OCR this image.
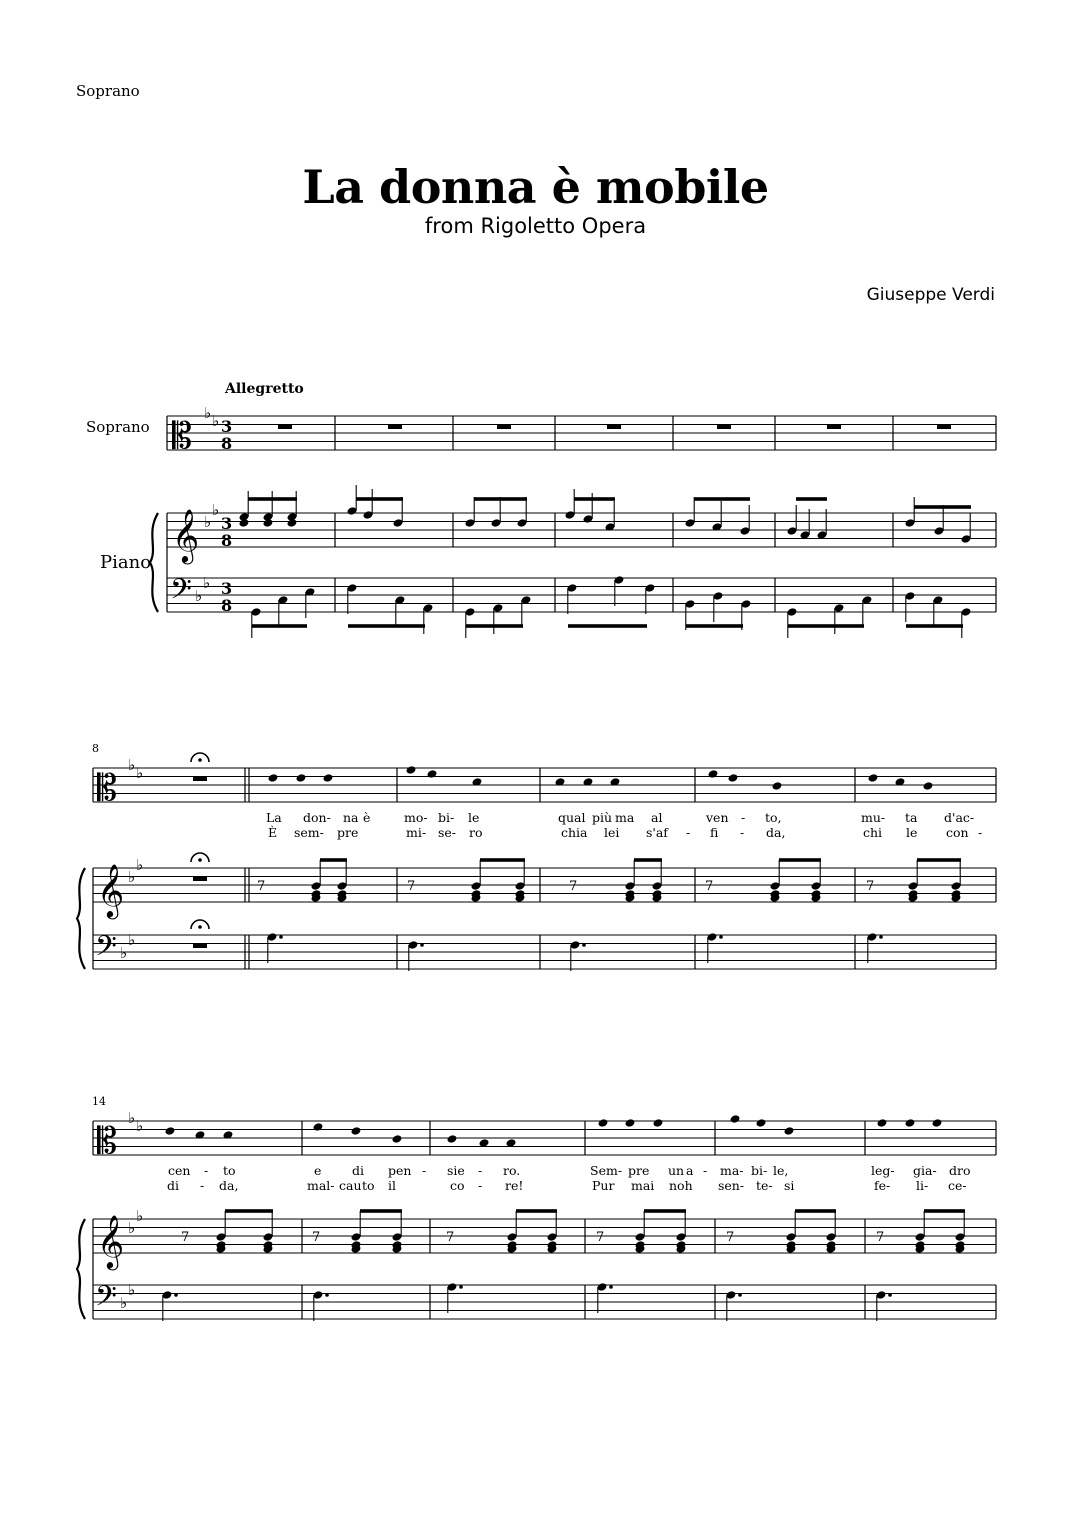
Soprano
La donna è mobile
from Rigoletto Opera
Giuseppe Verdi
Allegretto
Soprano
Piano
𝄡
𝄞
𝄢
♭ ♭
♭
♭
♭
♭
3
8
3
8
3
8
𝄡
𝄞
𝄢
♭ ♭
♭
♭
♭
♭
7	7	7	7	7
𝄡
𝄞
𝄢
♭ ♭
♭
♭
♭
♭
7	7	7	7	7	7
8
14
La don- na è	mo- bi- le	qual più ma al	ven - to,	mu- ta d'ac-
È sem- pre	mi- se- ro	chia lei s'af - fi - da,	chi le con -
cen - to	e di pen - sie - ro.	Sem- pre un a - ma- bi- le,	leg- gia- dro
di - da,	mal- cau to il	co - re!	Pur mai noh sen- te- si	fe- li- ce-
